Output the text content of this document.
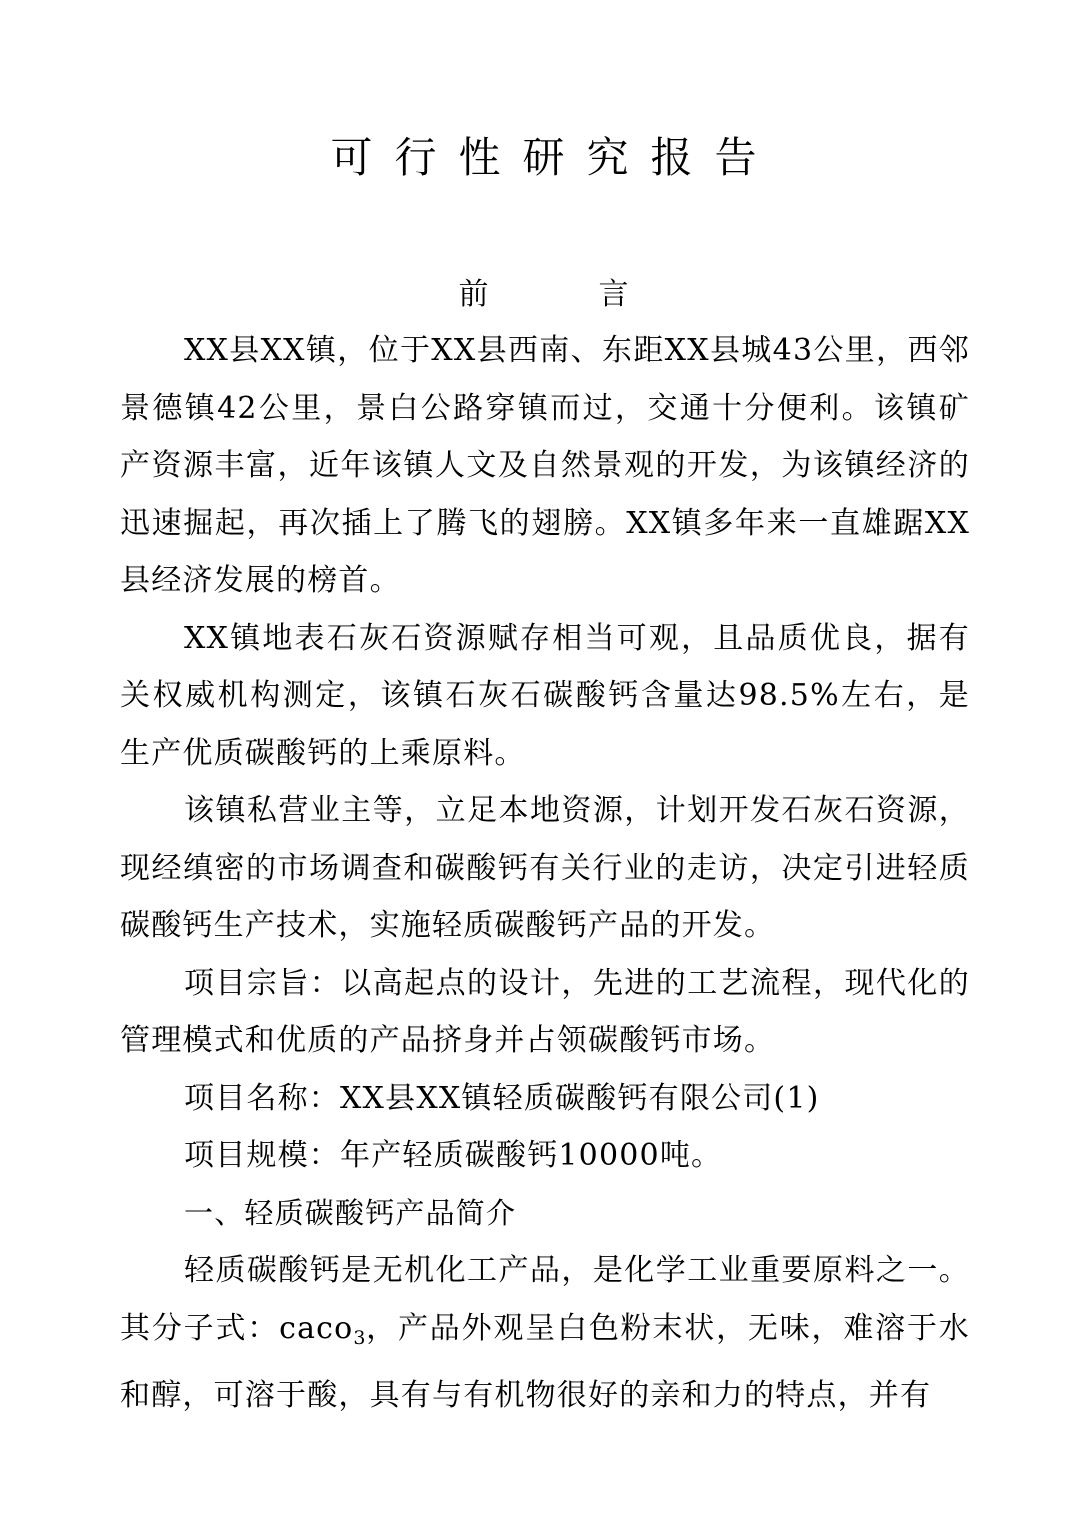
可行性研究报告
前	言

XX县XX镇，位于XX县西南、东距XX县城43公里，西邻景德镇42公里，景白公路穿镇而过，交通十分便利。该镇矿产资源丰富，近年该镇人文及自然景观的开发，为该镇经济的迅速掘起，再次插上了腾飞的翅膀。XX镇多年来一直雄踞XX县经济发展的榜首。

XX镇地表石灰石资源赋存相当可观，且品质优良，据有关权威机构测定，该镇石灰石碳酸钙含量达98.5%左右，是生产优质碳酸钙的上乘原料。

该镇私营业主等，立足本地资源，计划开发石灰石资源，现经缜密的市场调查和碳酸钙有关行业的走访，决定引进轻质碳酸钙生产技术，实施轻质碳酸钙产品的开发。

项目宗旨：以高起点的设计，先进的工艺流程，现代化的管理模式和优质的产品挤身并占领碳酸钙市场。

项目名称：XX县XX镇轻质碳酸钙有限公司(1)

项目规模：年产轻质碳酸钙10000吨。

一、轻质碳酸钙产品简介

轻质碳酸钙是无机化工产品，是化学工业重要原料之一。其分子式：caco$_3$，产品外观呈白色粉末状，无味，难溶于水和醇，可溶于酸，具有与有机物很好的亲和力的特点，并有
